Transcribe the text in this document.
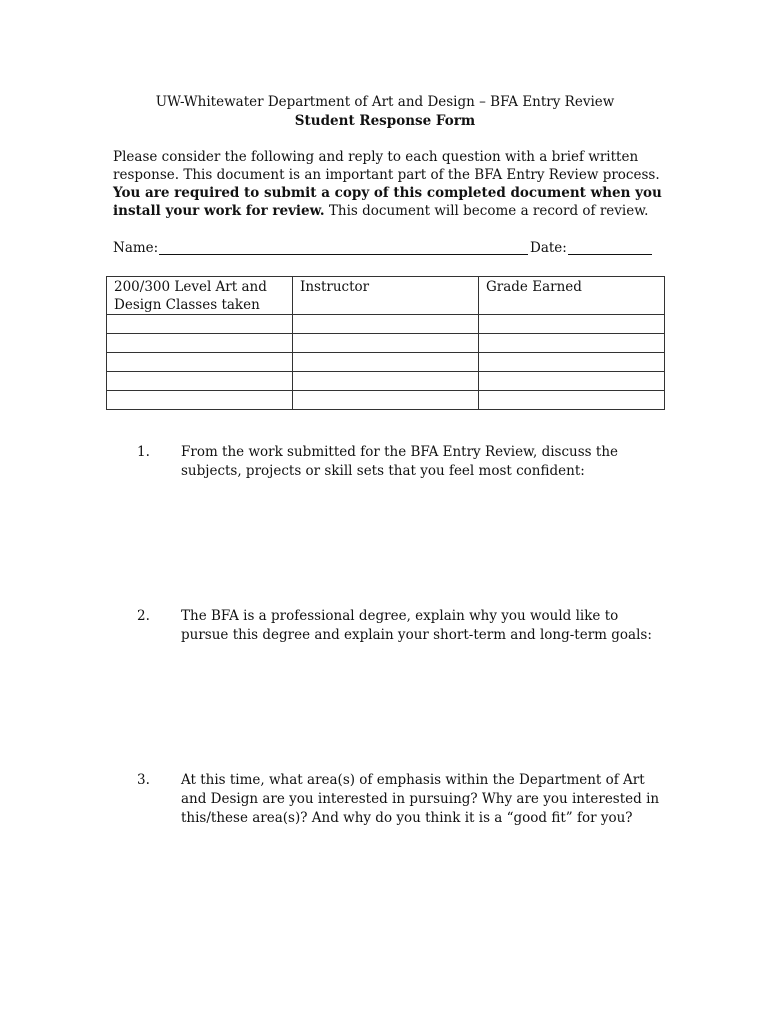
UW-Whitewater Department of Art and Design – BFA Entry Review
Student Response Form
Please consider the following and reply to each question with a brief written response. This document is an important part of the BFA Entry Review process. You are required to submit a copy of this completed document when you install your work for review. This document will become a record of review.
Name:	Date:
200/300 Level Art and Design Classes taken	Instructor	Grade Earned

1. From the work submitted for the BFA Entry Review, discuss the subjects, projects or skill sets that you feel most confident:
2. The BFA is a professional degree, explain why you would like to pursue this degree and explain your short-term and long-term goals:
3. At this time, what area(s) of emphasis within the Department of Art and Design are you interested in pursuing? Why are you interested in this/these area(s)? And why do you think it is a “good fit” for you?
